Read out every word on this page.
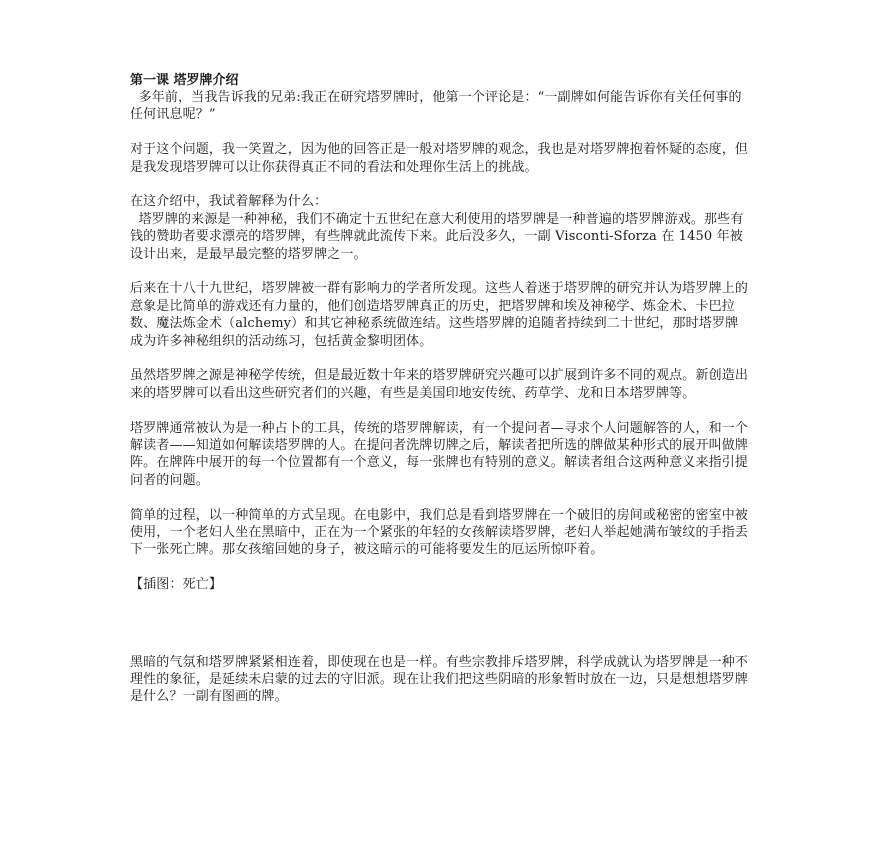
第一课 塔罗牌介绍

多年前，当我告诉我的兄弟:我正在研究塔罗牌时，他第一个评论是：“一副牌如何能告诉你有关任何事的任何讯息呢？”

对于这个问题，我一笑置之，因为他的回答正是一般对塔罗牌的观念，我也是对塔罗牌抱着怀疑的态度，但是我发现塔罗牌可以让你获得真正不同的看法和处理你生活上的挑战。

在这介绍中，我试着解释为什么：
塔罗牌的来源是一种神秘，我们不确定十五世纪在意大利使用的塔罗牌是一种普遍的塔罗牌游戏。那些有钱的赞助者要求漂亮的塔罗牌，有些牌就此流传下来。此后没多久，一副 Visconti-Sforza 在 1450 年被设计出来，是最早最完整的塔罗牌之一。

后来在十八十九世纪，塔罗牌被一群有影响力的学者所发现。这些人着迷于塔罗牌的研究并认为塔罗牌上的意象是比简单的游戏还有力量的，他们创造塔罗牌真正的历史，把塔罗牌和埃及神秘学、炼金术、卡巴拉数、魔法炼金术（alchemy）和其它神秘系统做连结。这些塔罗牌的追随者持续到二十世纪，那时塔罗牌成为许多神秘组织的活动练习，包括黄金黎明团体。

虽然塔罗牌之源是神秘学传统，但是最近数十年来的塔罗牌研究兴趣可以扩展到许多不同的观点。新创造出来的塔罗牌可以看出这些研究者们的兴趣，有些是美国印地安传统、药草学、龙和日本塔罗牌等。

塔罗牌通常被认为是一种占卜的工具，传统的塔罗牌解读，有一个提问者—寻求个人问题解答的人，和一个解读者——知道如何解读塔罗牌的人。在提问者洗牌切牌之后，解读者把所选的牌做某种形式的展开叫做牌阵。在牌阵中展开的每一个位置都有一个意义，每一张牌也有特别的意义。解读者组合这两种意义来指引提问者的问题。

简单的过程，以一种简单的方式呈现。在电影中，我们总是看到塔罗牌在一个破旧的房间或秘密的密室中被使用，一个老妇人坐在黑暗中，正在为一个紧张的年轻的女孩解读塔罗牌，老妇人举起她满布皱纹的手指丢下一张死亡牌。那女孩缩回她的身子，被这暗示的可能将要发生的厄运所惊吓着。

【插图：死亡】

黑暗的气氛和塔罗牌紧紧相连着，即使现在也是一样。有些宗教排斥塔罗牌，科学成就认为塔罗牌是一种不理性的象征，是延续未启蒙的过去的守旧派。现在让我们把这些阴暗的形象暂时放在一边，只是想想塔罗牌是什么？一副有图画的牌。
